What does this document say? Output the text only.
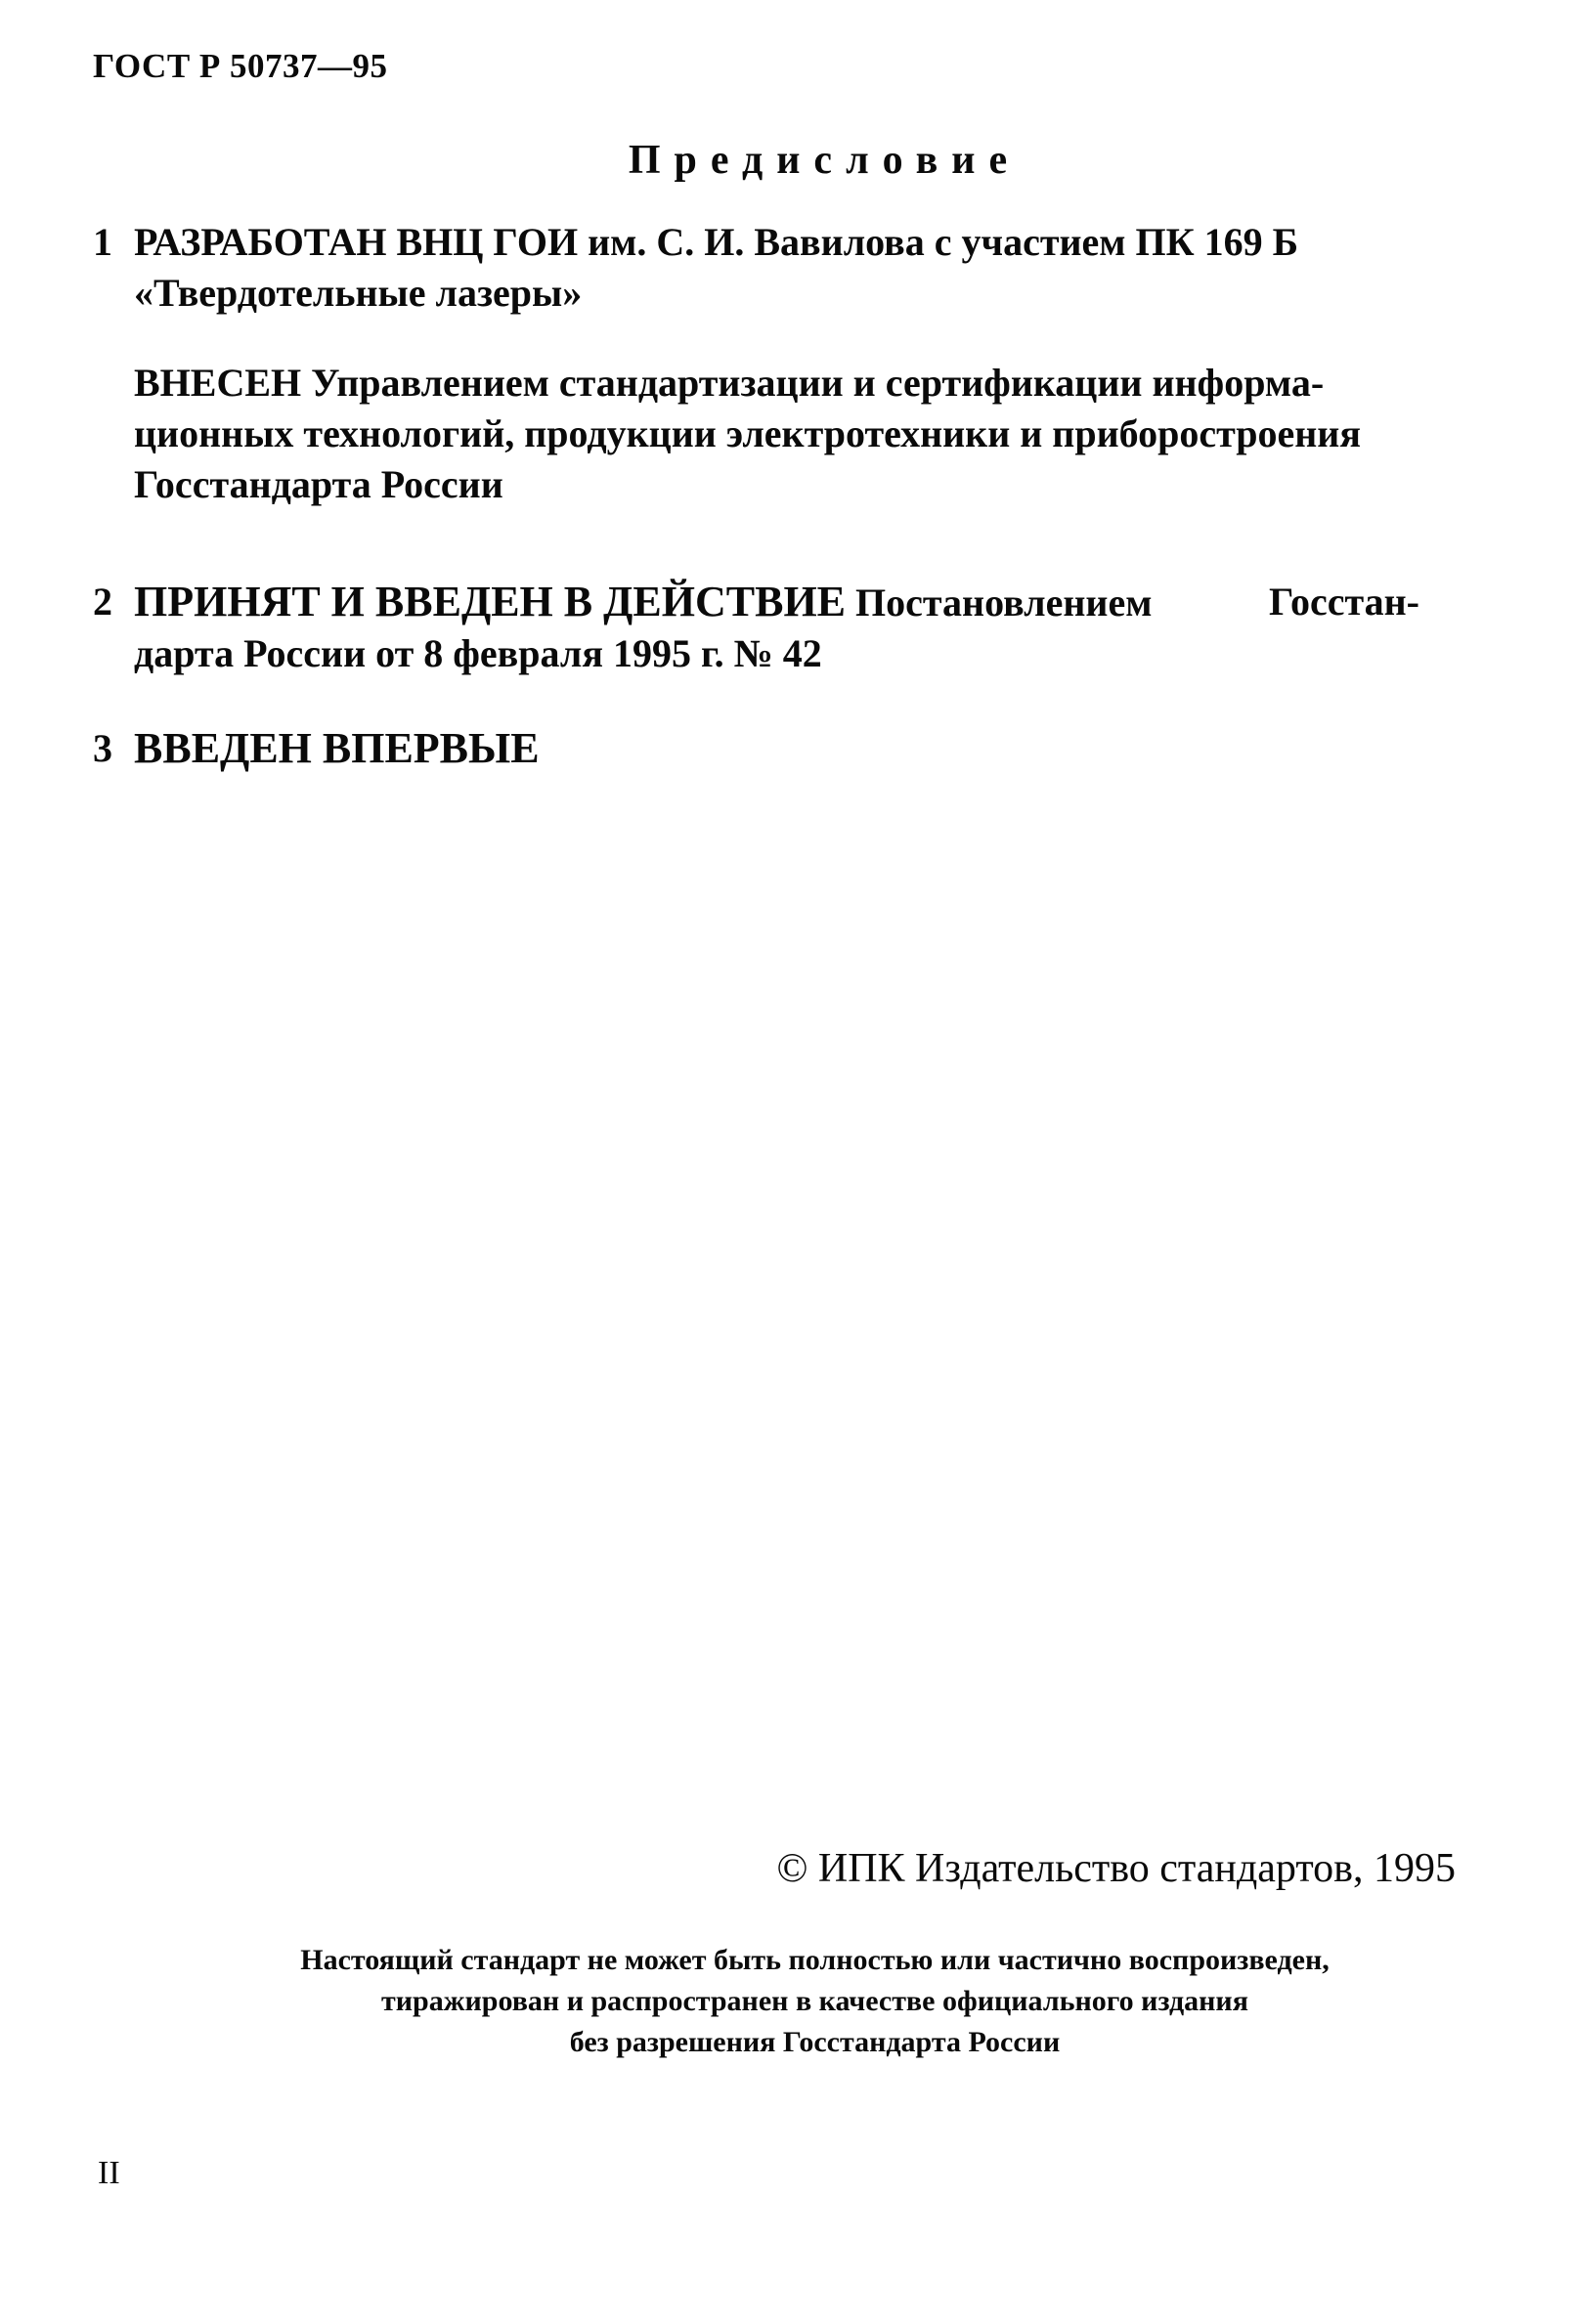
ГОСТ Р 50737—95
Предисловие
1 РАЗРАБОТАН ВНЦ ГОИ им. С. И. Вавилова с участием ПК 169 Б
«Твердотельные лазеры»
ВНЕСЕН Управлением стандартизации и сертификации информа-
ционных технологий, продукции электротехники и приборостроения
Госстандарта России
2 ПРИНЯТ И ВВЕДЕН В ДЕЙСТВИЕ Постановлением	Госстан-
дарта России от 8 февраля 1995 г. № 42
3 ВВЕДЕН ВПЕРВЫЕ
© ИПК Издательство стандартов, 1995
Настоящий стандарт не может быть полностью или частично воспроизведен,
тиражирован и распространен в качестве официального издания
без разрешения Госстандарта России
II
